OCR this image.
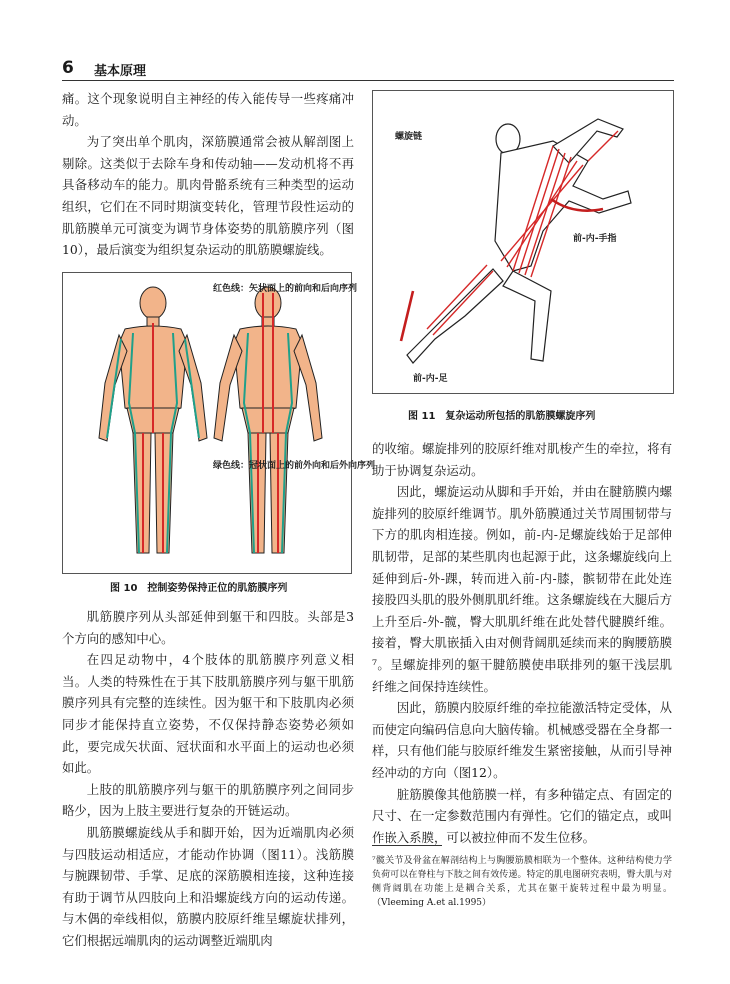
6 基本原理

痛。这个现象说明自主神经的传入能传导一些疼痛冲动。

为了突出单个肌肉，深筋膜通常会被从解剖图上剔除。这类似于去除车身和传动轴——发动机将不再具备移动车的能力。肌肉骨骼系统有三种类型的运动组织，它们在不同时期演变转化，管理节段性运动的肌筋膜单元可演变为调节身体姿势的肌筋膜序列（图10），最后演变为组织复杂运动的肌筋膜螺旋线。

红色线：矢状面上的前向和后向序列
绿色线：冠状面上的前外向和后外向序列
图 10　控制姿势保持正位的肌筋膜序列

肌筋膜序列从头部延伸到躯干和四肢。头部是3个方向的感知中心。

在四足动物中，4个肢体的肌筋膜序列意义相当。人类的特殊性在于其下肢肌筋膜序列与躯干肌筋膜序列具有完整的连续性。因为躯干和下肢肌肉必须同步才能保持直立姿势，不仅保持静态姿势必须如此，要完成矢状面、冠状面和水平面上的运动也必须如此。

上肢的肌筋膜序列与躯干的肌筋膜序列之间同步略少，因为上肢主要进行复杂的开链运动。

肌筋膜螺旋线从手和脚开始，因为近端肌肉必须与四肢运动相适应，才能动作协调（图11）。浅筋膜与腕踝韧带、手掌、足底的深筋膜相连接，这种连接有助于调节从四肢向上和沿螺旋线方向的运动传递。与木偶的牵线相似，筋膜内胶原纤维呈螺旋状排列，它们根据远端肌肉的运动调整近端肌肉

螺旋链
前-内-手指
前-内-足
图 11　复杂运动所包括的肌筋膜螺旋序列

的收缩。螺旋排列的胶原纤维对肌梭产生的牵拉，将有助于协调复杂运动。

因此，螺旋运动从脚和手开始，并由在腱筋膜内螺旋排列的胶原纤维调节。肌外筋膜通过关节周围韧带与下方的肌肉相连接。例如，前-内-足螺旋线始于足部伸肌韧带，足部的某些肌肉也起源于此，这条螺旋线向上延伸到后-外-踝，转而进入前-内-膝，髌韧带在此处连接股四头肌的股外侧肌肌纤维。这条螺旋线在大腿后方上升至后-外-髋，臀大肌肌纤维在此处替代腱膜纤维。接着，臀大肌嵌插入由对侧背阔肌延续而来的胸腰筋膜⁷。呈螺旋排列的躯干腱筋膜使串联排列的躯干浅层肌纤维之间保持连续性。

因此，筋膜内胶原纤维的牵拉能激活特定受体，从而使定向编码信息向大脑传输。机械感受器在全身都一样，只有他们能与胶原纤维发生紧密接触，从而引导神经冲动的方向（图12）。

脏筋膜像其他筋膜一样，有多种锚定点、有固定的尺寸、在一定参数范围内有弹性。它们的锚定点，或叫作嵌入系膜，可以被拉伸而不发生位移。

⁷髋关节及骨盆在解剖结构上与胸腰筋膜相联为一个整体。这种结构使力学负荷可以在脊柱与下肢之间有效传递。特定的肌电图研究表明，臀大肌与对侧背阔肌在功能上是耦合关系，尤其在躯干旋转过程中最为明显。（Vleeming A.et al.1995）
